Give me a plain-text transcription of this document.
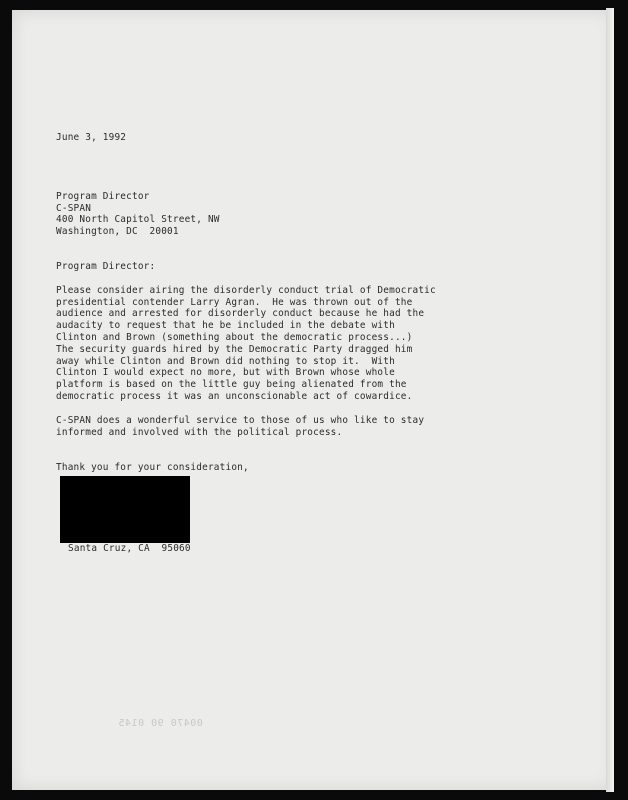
June 3, 1992

Program Director

C-SPAN

400 North Capitol Street, NW

Washington, DC  20001

Program Director:

Please consider airing the disorderly conduct trial of Democratic

presidential contender Larry Agran.  He was thrown out of the

audience and arrested for disorderly conduct because he had the

audacity to request that he be included in the debate with

Clinton and Brown (something about the democratic process...)

The security guards hired by the Democratic Party dragged him

away while Clinton and Brown did nothing to stop it.  With

Clinton I would expect no more, but with Brown whose whole

platform is based on the little guy being alienated from the

democratic process it was an unconscionable act of cowardice.

C-SPAN does a wonderful service to those of us who like to stay

informed and involved with the political process.

Thank you for your consideration,

Santa Cruz, CA  95060
00470 90 0145
